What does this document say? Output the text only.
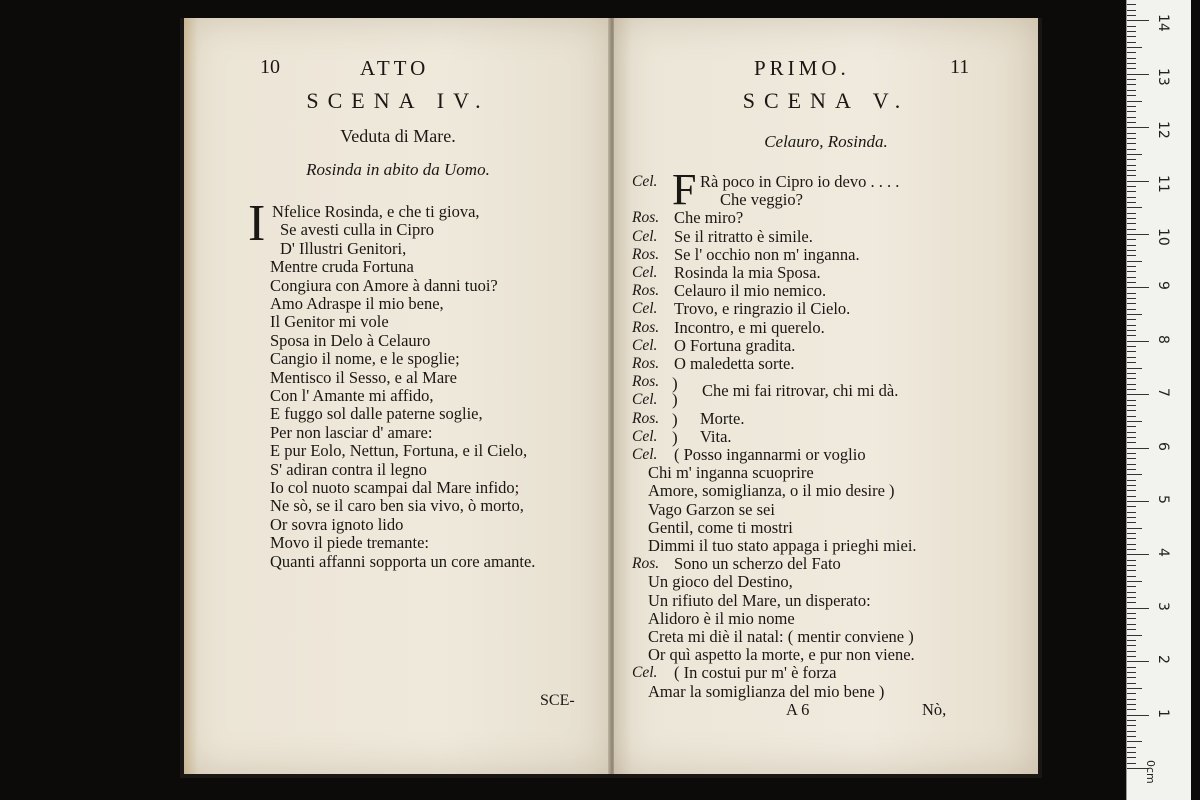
10	ATTO
SCENA IV.
Veduta di Mare.
Rosinda in abito da Uomo.
I Nfelice Rosinda, e che ti giova,
Se avesti culla in Cipro
D' Illustri Genitori,
Mentre cruda Fortuna
Congiura con Amore à danni tuoi?
Amo Adraspe il mio bene,
Il Genitor mi vole
Sposa in Delo à Celauro
Cangio il nome, e le spoglie;
Mentisco il Sesso, e al Mare
Con l' Amante mi affido,
E fuggo sol dalle paterne soglie,
Per non lasciar d' amare:
E pur Eolo, Nettun, Fortuna, e il Cielo,
S' adiran contra il legno
Io col nuoto scampai dal Mare infido;
Ne sò, se il caro ben sia vivo, ò morto,
Or sovra ignoto lido
Movo il piede tremante:
Quanti affanni sopporta un core amante.
SCE-
PRIMO.	11
SCENA V.
Celauro, Rosinda.
F
Cel.	Rà poco in Cipro io devo . . . .
Che veggio?
Ros. Che miro?
Cel. Se il ritratto è simile.
Ros. Se l' occhio non m' inganna.
Cel. Rosinda la mia Sposa.
Ros. Celauro il mio nemico.
Cel. Trovo, e ringrazio il Cielo.
Ros. Incontro, e mi querelo.
Cel. O Fortuna gradita.
Ros. O maledetta sorte.
Ros.
Cel.	Che mi fai ritrovar, chi mi dà.
Ros. Morte.
Cel.	Vita.
Cel. ( Posso ingannarmi or voglio
Chi m' inganna scuoprire
Amore, somiglianza, o il mio desire )
Vago Garzon se sei
Gentil, come ti mostri
Dimmi il tuo stato appaga i prieghi miei.
Ros. Sono un scherzo del Fato
Un gioco del Destino,
Un rifiuto del Mare, un disperato:
Alidoro è il mio nome
Creta mi diè il natal: ( mentir conviene )
Or quì aspetto la morte, e pur non viene.
Cel. ( In costui pur m' è forza
Amar la somiglianza del mio bene )
)
)
)
)
A 6	Nò,	1
2
3
4
5
6
7
8
9
10
11
12
13
14
0cm
